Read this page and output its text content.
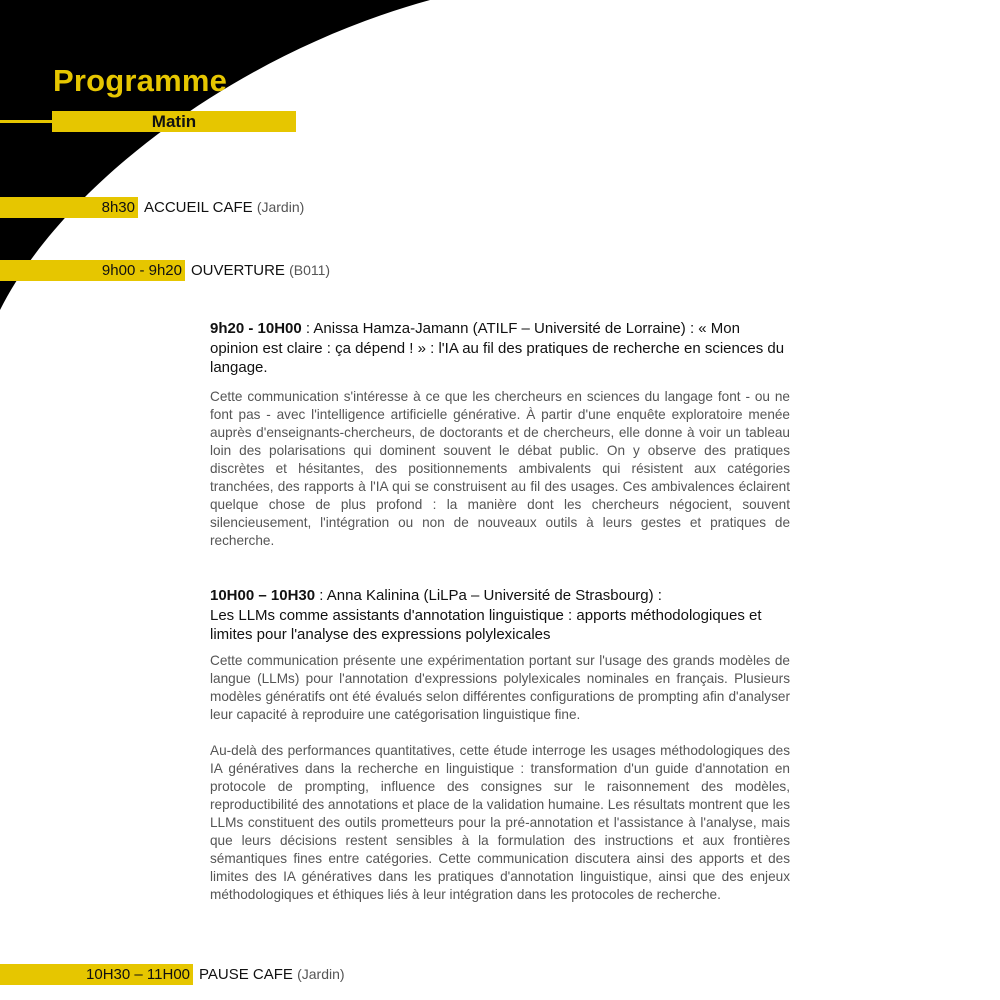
Programme
Matin
8h30 ACCUEIL CAFE (Jardin)
9h00 - 9h20 OUVERTURE (B011)

9h20 - 10H00 : Anissa Hamza-Jamann (ATILF – Université de Lorraine) : « Mon opinion est claire : ça dépend ! » : l'IA au fil des pratiques de recherche en sciences du langage.

Cette communication s'intéresse à ce que les chercheurs en sciences du langage font - ou ne font pas - avec l'intelligence artificielle générative. À partir d'une enquête exploratoire menée auprès d'enseignants-chercheurs, de doctorants et de chercheurs, elle donne à voir un tableau loin des polarisations qui dominent souvent le débat public. On y observe des pratiques discrètes et hésitantes, des positionnements ambivalents qui résistent aux catégories tranchées, des rapports à l'IA qui se construisent au fil des usages. Ces ambivalences éclairent quelque chose de plus profond : la manière dont les chercheurs négocient, souvent silencieusement, l'intégration ou non de nouveaux outils à leurs gestes et pratiques de recherche.

10H00 – 10H30 : Anna Kalinina (LiLPa – Université de Strasbourg) :
Les LLMs comme assistants d'annotation linguistique : apports méthodologiques et limites pour l'analyse des expressions polylexicales

Cette communication présente une expérimentation portant sur l'usage des grands modèles de langue (LLMs) pour l'annotation d'expressions polylexicales nominales en français. Plusieurs modèles génératifs ont été évalués selon différentes configurations de prompting afin d'analyser leur capacité à reproduire une catégorisation linguistique fine.

Au-delà des performances quantitatives, cette étude interroge les usages méthodologiques des IA génératives dans la recherche en linguistique : transformation d'un guide d'annotation en protocole de prompting, influence des consignes sur le raisonnement des modèles, reproductibilité des annotations et place de la validation humaine. Les résultats montrent que les LLMs constituent des outils prometteurs pour la pré-annotation et l'assistance à l'analyse, mais que leurs décisions restent sensibles à la formulation des instructions et aux frontières sémantiques fines entre catégories. Cette communication discutera ainsi des apports et des limites des IA génératives dans les pratiques d'annotation linguistique, ainsi que des enjeux méthodologiques et éthiques liés à leur intégration dans les protocoles de recherche.

10H30 – 11H00 PAUSE CAFE (Jardin)
